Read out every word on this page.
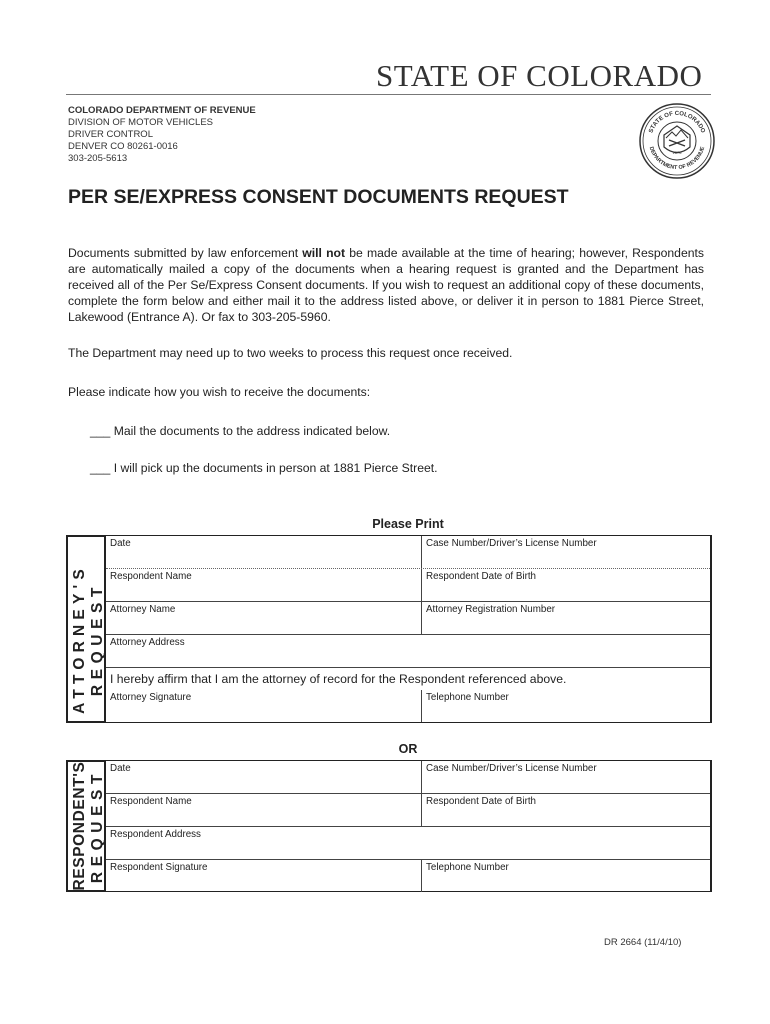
STATE OF COLORADO
COLORADO DEPARTMENT OF REVENUE
DIVISION OF MOTOR VEHICLES
DRIVER CONTROL
DENVER CO 80261-0016
303-205-5613
STATE OF COLORADO
DEPARTMENT OF REVENUE
1876
PER SE/EXPRESS CONSENT DOCUMENTS REQUEST
Documents submitted by law enforcement will not be made available at the time of hearing; however, Respondents are automatically mailed a copy of the documents when a hearing request is granted and the Department has received all of the Per Se/Express Consent documents. If you wish to request an additional copy of these documents, complete the form below and either mail it to the address listed above, or deliver it in person to 1881 Pierce Street, Lakewood (Entrance A). Or fax to 303-205-5960.
The Department may need up to two weeks to process this request once received.
Please indicate how you wish to receive the documents:
___ Mail the documents to the address indicated below.
___ I will pick up the documents in person at 1881 Pierce Street.
Please Print
ATTORNEY'S REQUEST
Date	Case Number/Driver’s License Number
Respondent Name	Respondent Date of Birth
Attorney Name	Attorney Registration Number
Attorney Address
I hereby affirm that I am the attorney of record for the Respondent referenced above.
Attorney Signature	Telephone Number
OR
RESPONDENT'S REQUEST
Date	Case Number/Driver’s License Number
Respondent Name	Respondent Date of Birth
Respondent Address
Respondent Signature	Telephone Number
DR 2664 (11/4/10)
